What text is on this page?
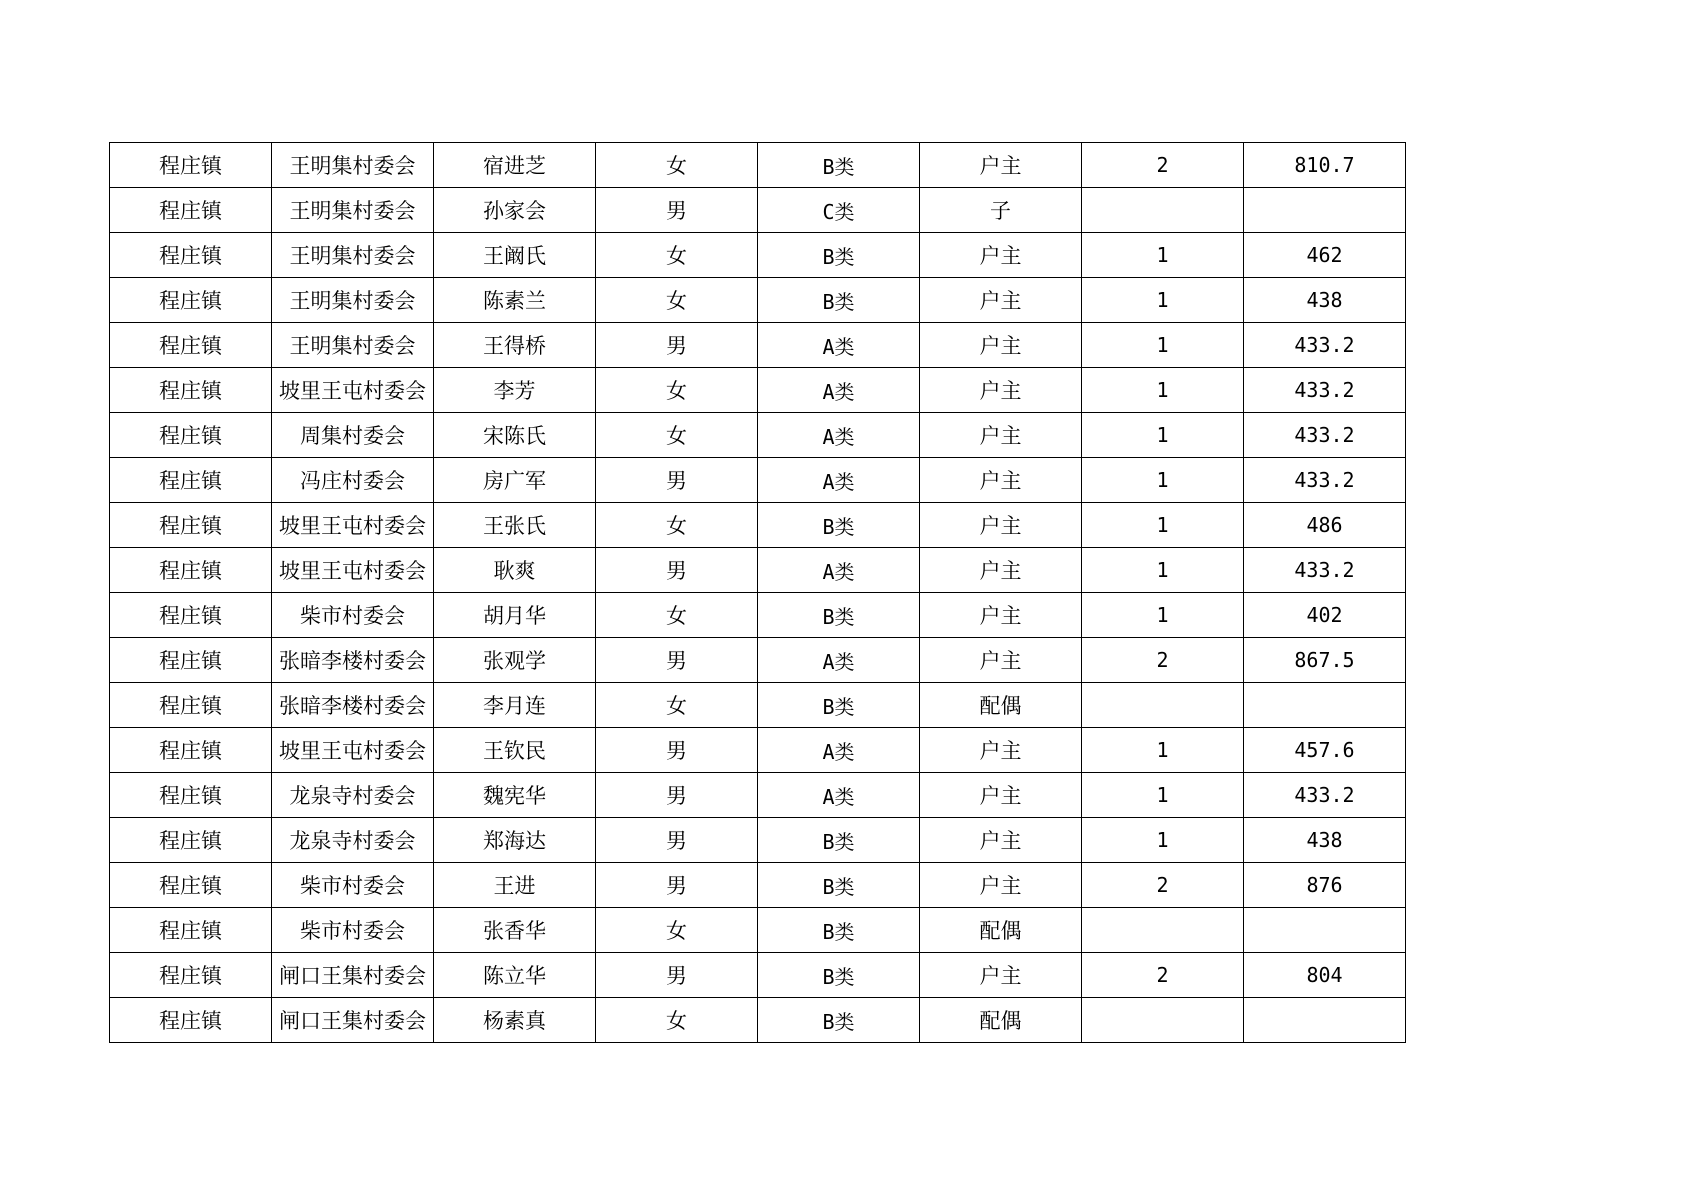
程庄镇	王明集村委会	宿进芝	女	B类	户主	2	810.7
程庄镇	王明集村委会	孙家会	男	C类	子		
程庄镇	王明集村委会	王阚氏	女	B类	户主	1	462
程庄镇	王明集村委会	陈素兰	女	B类	户主	1	438
程庄镇	王明集村委会	王得桥	男	A类	户主	1	433.2
程庄镇	坡里王屯村委会	李芳	女	A类	户主	1	433.2
程庄镇	周集村委会	宋陈氏	女	A类	户主	1	433.2
程庄镇	冯庄村委会	房广军	男	A类	户主	1	433.2
程庄镇	坡里王屯村委会	王张氏	女	B类	户主	1	486
程庄镇	坡里王屯村委会	耿爽	男	A类	户主	1	433.2
程庄镇	柴市村委会	胡月华	女	B类	户主	1	402
程庄镇	张暗李楼村委会	张观学	男	A类	户主	2	867.5
程庄镇	张暗李楼村委会	李月连	女	B类	配偶		
程庄镇	坡里王屯村委会	王钦民	男	A类	户主	1	457.6
程庄镇	龙泉寺村委会	魏宪华	男	A类	户主	1	433.2
程庄镇	龙泉寺村委会	郑海达	男	B类	户主	1	438
程庄镇	柴市村委会	王进	男	B类	户主	2	876
程庄镇	柴市村委会	张香华	女	B类	配偶		
程庄镇	闸口王集村委会	陈立华	男	B类	户主	2	804
程庄镇	闸口王集村委会	杨素真	女	B类	配偶		
